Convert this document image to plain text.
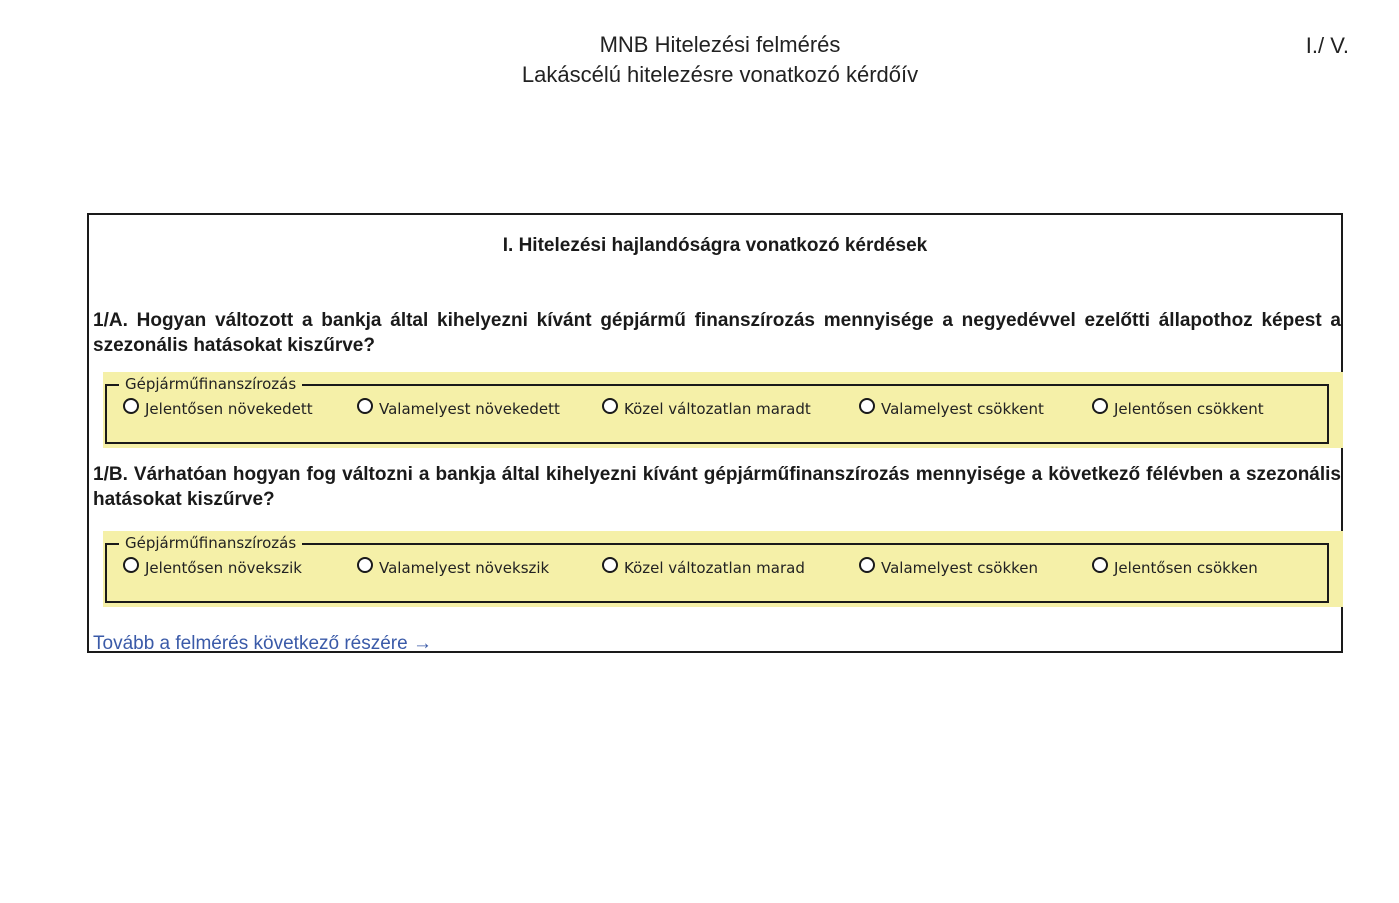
MNB Hitelezési felmérés
Lakáscélú hitelezésre vonatkozó kérdőív
I./ V.
I. Hitelezési hajlandóságra vonatkozó kérdések
1/A. Hogyan változott a bankja által kihelyezni kívánt gépjármű finanszírozás mennyisége a negyedévvel ezelőtti állapothoz képest a szezonális hatásokat kiszűrve?
Gépjárműfinanszírozás
Jelentősen növekedett	Valamelyest növekedett	Közel változatlan maradt	Valamelyest csökkent	Jelentősen csökkent
1/B. Várhatóan hogyan fog változni a bankja által kihelyezni kívánt gépjárműfinanszírozás mennyisége a következő félévben a szezonális hatásokat kiszűrve?
Gépjárműfinanszírozás
Jelentősen növekszik	Valamelyest növekszik	Közel változatlan marad	Valamelyest csökken	Jelentősen csökken
Tovább a felmérés következő részére →
